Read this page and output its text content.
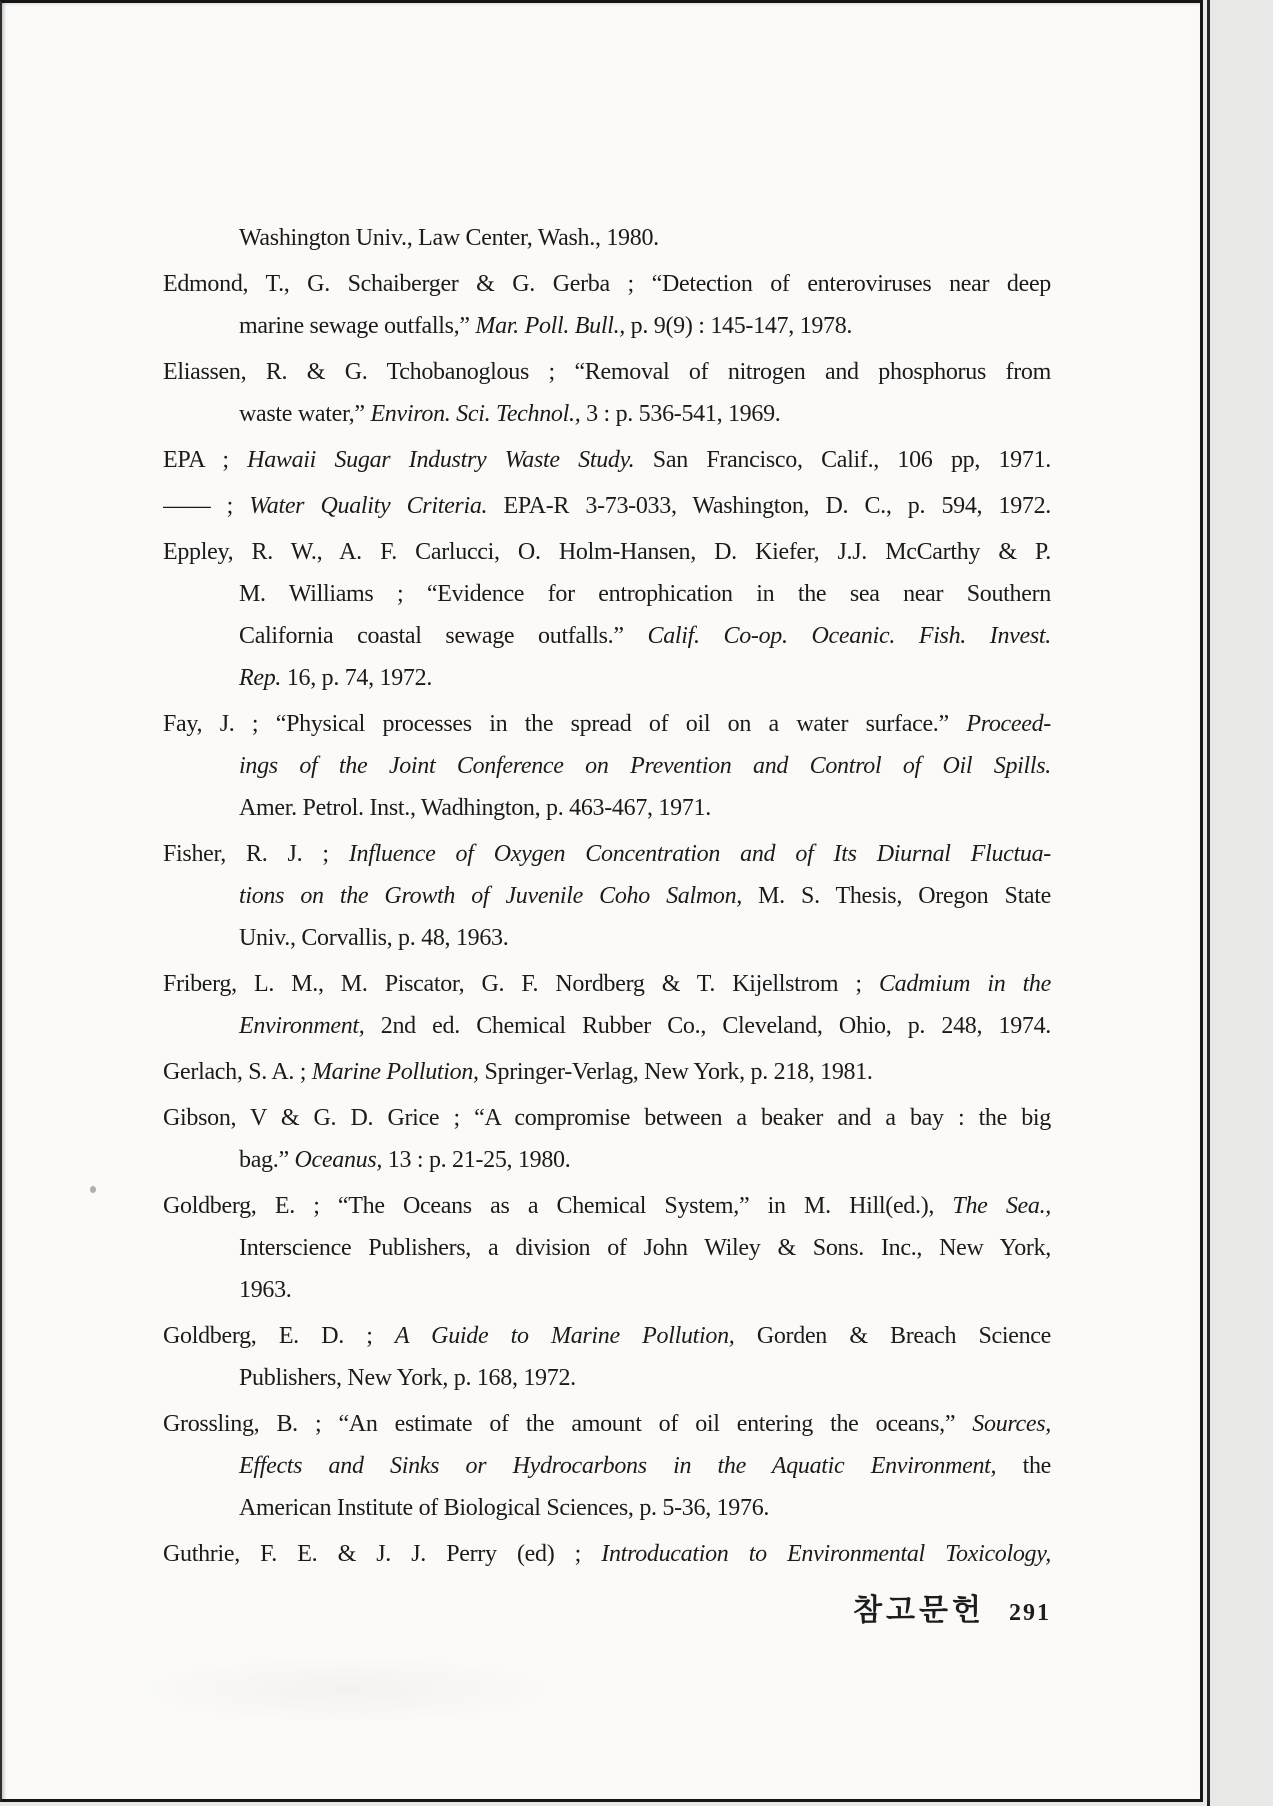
Washington Univ., Law Center, Wash., 1980.
Edmond, T., G. Schaiberger & G. Gerba ; “Detection of enteroviruses near deep
marine sewage outfalls,” Mar. Poll. Bull., p. 9(9) : 145-147, 1978.
Eliassen, R. & G. Tchobanoglous ; “Removal of nitrogen and phosphorus from
waste water,” Environ. Sci. Technol., 3 : p. 536-541, 1969.
EPA ; Hawaii Sugar Industry Waste Study. San Francisco, Calif., 106 pp, 1971.
—— ; Water Quality Criteria. EPA-R 3-73-033, Washington, D. C., p. 594, 1972.
Eppley, R. W., A. F. Carlucci, O. Holm-Hansen, D. Kiefer, J.J. McCarthy & P.
M. Williams ; “Evidence for entrophication in the sea near Southern
California coastal sewage outfalls.” Calif. Co-op. Oceanic. Fish. Invest.
Rep. 16, p. 74, 1972.
Fay, J. ; “Physical processes in the spread of oil on a water surface.” Proceed-
ings of the Joint Conference on Prevention and Control of Oil Spills.
Amer. Petrol. Inst., Wadhington, p. 463-467, 1971.
Fisher, R. J. ; Influence of Oxygen Concentration and of Its Diurnal Fluctua-
tions on the Growth of Juvenile Coho Salmon, M. S. Thesis, Oregon State
Univ., Corvallis, p. 48, 1963.
Friberg, L. M., M. Piscator, G. F. Nordberg & T. Kijellstrom ; Cadmium in the
Environment, 2nd ed. Chemical Rubber Co., Cleveland, Ohio, p. 248, 1974.
Gerlach, S. A. ; Marine Pollution, Springer-Verlag, New York, p. 218, 1981.
Gibson, V & G. D. Grice ; “A compromise between a beaker and a bay : the big
bag.” Oceanus, 13 : p. 21-25, 1980.
Goldberg, E. ; “The Oceans as a Chemical System,” in M. Hill(ed.), The Sea.,
Interscience Publishers, a division of John Wiley & Sons. Inc., New York,
1963.
Goldberg, E. D. ; A Guide to Marine Pollution, Gorden & Breach Science
Publishers, New York, p. 168, 1972.
Grossling, B. ; “An estimate of the amount of oil entering the oceans,” Sources,
Effects and Sinks or Hydrocarbons in the Aquatic Environment, the
American Institute of Biological Sciences, p. 5-36, 1976.
Guthrie, F. E. & J. J. Perry (ed) ; Introducation to Environmental Toxicology,
참고문헌 291
